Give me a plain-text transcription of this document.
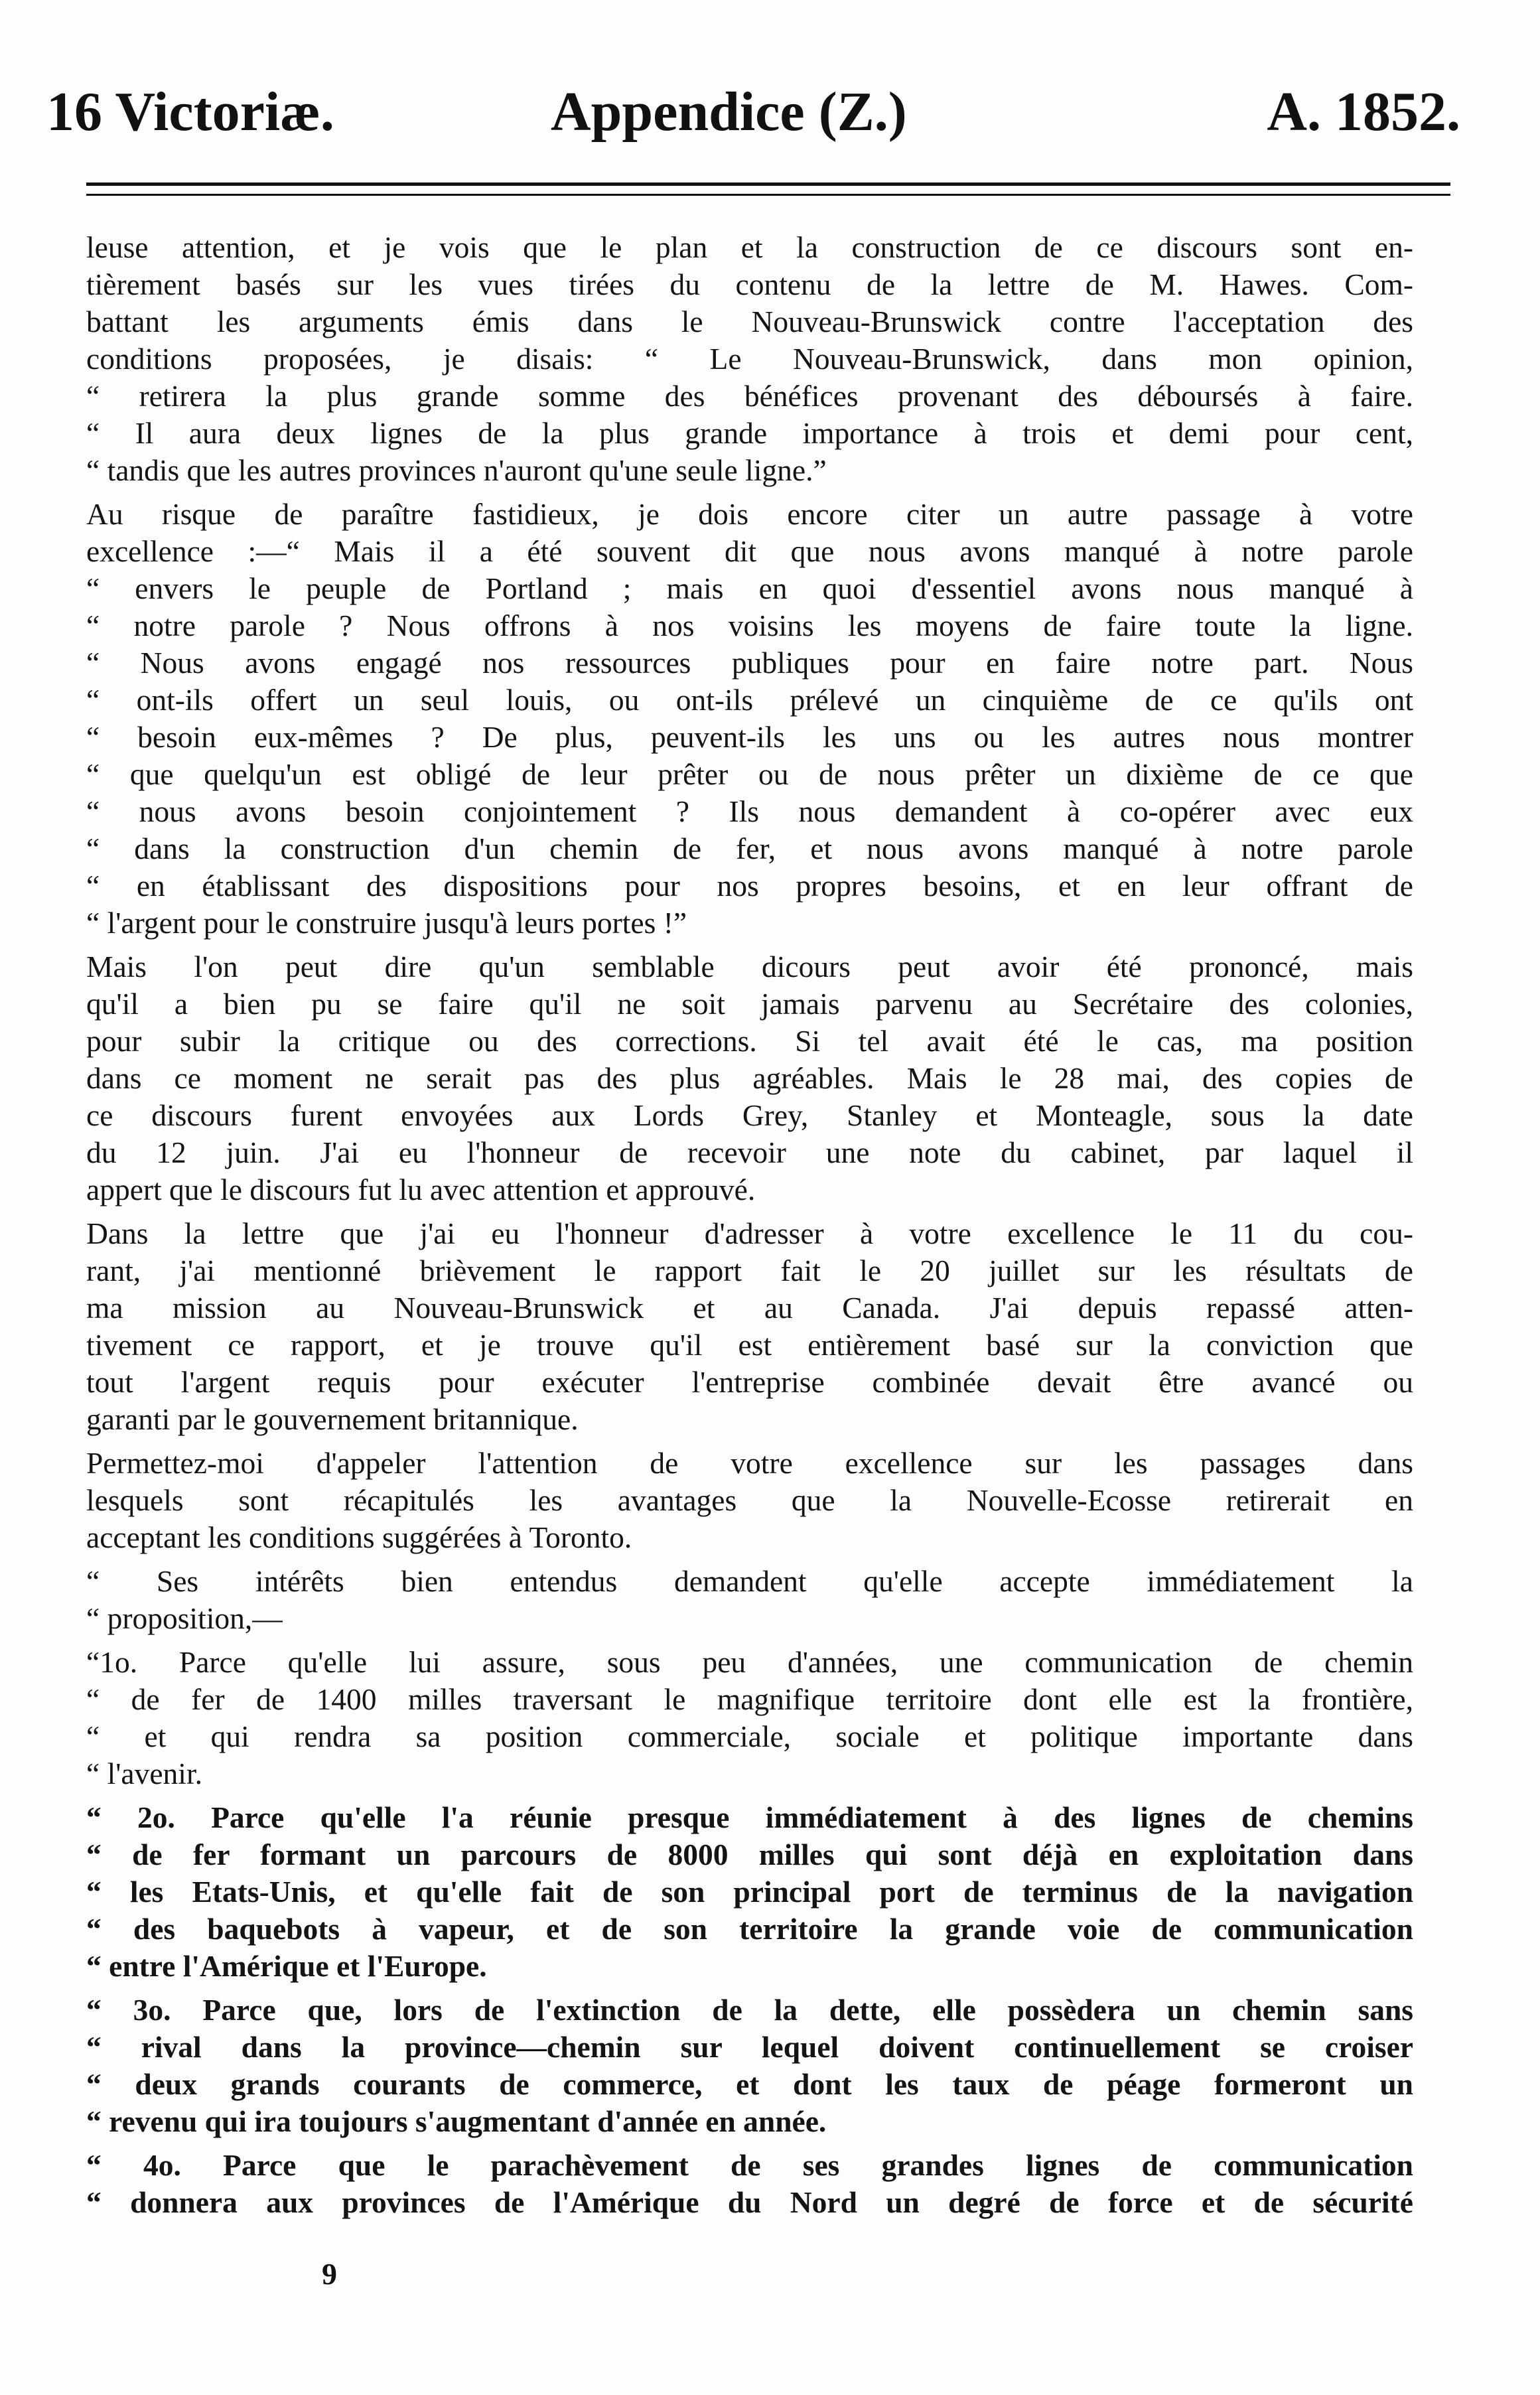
16 Victoriæ.	Appendice (Z.)	A. 1852.
leuse attention, et je vois que le plan et la construction de ce discours sont en-
tièrement basés sur les vues tirées du contenu de la lettre de M. Hawes. Com-
battant les arguments émis dans le Nouveau-Brunswick contre l'acceptation des
conditions proposées, je disais: “ Le Nouveau-Brunswick, dans mon opinion,
“ retirera la plus grande somme des bénéfices provenant des déboursés à faire.
“ Il aura deux lignes de la plus grande importance à trois et demi pour cent,
“ tandis que les autres provinces n'auront qu'une seule ligne.”
Au risque de paraître fastidieux, je dois encore citer un autre passage à votre
excellence :—“ Mais il a été souvent dit que nous avons manqué à notre parole
“ envers le peuple de Portland ; mais en quoi d'essentiel avons nous manqué à
“ notre parole ? Nous offrons à nos voisins les moyens de faire toute la ligne.
“ Nous avons engagé nos ressources publiques pour en faire notre part. Nous
“ ont-ils offert un seul louis, ou ont-ils prélevé un cinquième de ce qu'ils ont
“ besoin eux-mêmes ? De plus, peuvent-ils les uns ou les autres nous montrer
“ que quelqu'un est obligé de leur prêter ou de nous prêter un dixième de ce que
“ nous avons besoin conjointement ? Ils nous demandent à co-opérer avec eux
“ dans la construction d'un chemin de fer, et nous avons manqué à notre parole
“ en établissant des dispositions pour nos propres besoins, et en leur offrant de
“ l'argent pour le construire jusqu'à leurs portes !”
Mais l'on peut dire qu'un semblable dicours peut avoir été prononcé, mais
qu'il a bien pu se faire qu'il ne soit jamais parvenu au Secrétaire des colonies,
pour subir la critique ou des corrections. Si tel avait été le cas, ma position
dans ce moment ne serait pas des plus agréables. Mais le 28 mai, des copies de
ce discours furent envoyées aux Lords Grey, Stanley et Monteagle, sous la date
du 12 juin. J'ai eu l'honneur de recevoir une note du cabinet, par laquel il
appert que le discours fut lu avec attention et approuvé.
Dans la lettre que j'ai eu l'honneur d'adresser à votre excellence le 11 du cou-
rant, j'ai mentionné brièvement le rapport fait le 20 juillet sur les résultats de
ma mission au Nouveau-Brunswick et au Canada. J'ai depuis repassé atten-
tivement ce rapport, et je trouve qu'il est entièrement basé sur la conviction que
tout l'argent requis pour exécuter l'entreprise combinée devait être avancé ou
garanti par le gouvernement britannique.
Permettez-moi d'appeler l'attention de votre excellence sur les passages dans
lesquels sont récapitulés les avantages que la Nouvelle-Ecosse retirerait en
acceptant les conditions suggérées à Toronto.
“ Ses intérêts bien entendus demandent qu'elle accepte immédiatement la
“ proposition,—
“1o. Parce qu'elle lui assure, sous peu d'années, une communication de chemin
“ de fer de 1400 milles traversant le magnifique territoire dont elle est la frontière,
“ et qui rendra sa position commerciale, sociale et politique importante dans
“ l'avenir.
“ 2o. Parce qu'elle l'a réunie presque immédiatement à des lignes de chemins
“ de fer formant un parcours de 8000 milles qui sont déjà en exploitation dans
“ les Etats-Unis, et qu'elle fait de son principal port de terminus de la navigation
“ des baquebots à vapeur, et de son territoire la grande voie de communication
“ entre l'Amérique et l'Europe.
“ 3o. Parce que, lors de l'extinction de la dette, elle possèdera un chemin sans
“ rival dans la province—chemin sur lequel doivent continuellement se croiser
“ deux grands courants de commerce, et dont les taux de péage formeront un
“ revenu qui ira toujours s'augmentant d'année en année.
“ 4o. Parce que le parachèvement de ses grandes lignes de communication
“ donnera aux provinces de l'Amérique du Nord un degré de force et de sécurité
9
